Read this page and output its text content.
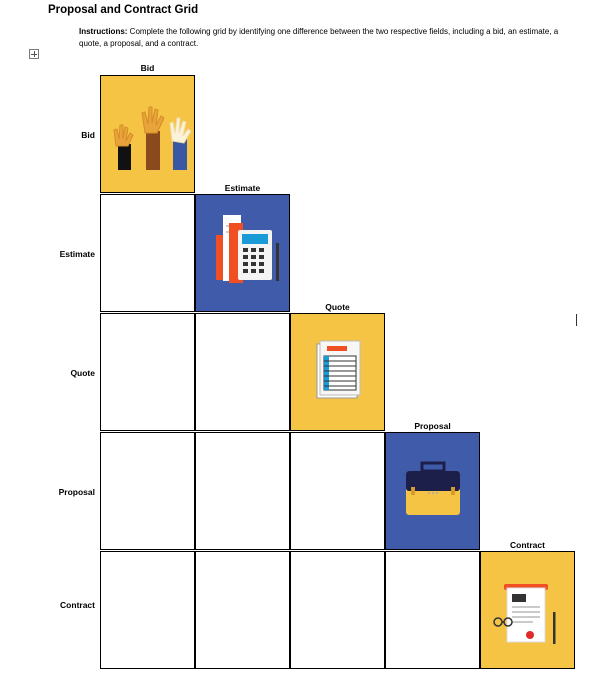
Proposal and Contract Grid
Instructions: Complete the following grid by identifying one difference between the two respective fields, including a bid, an estimate, a quote, a proposal, and a contract.
Bid
Estimate
Quote
Proposal
Contract
Bid
Estimate
Quote
Proposal
Contract
